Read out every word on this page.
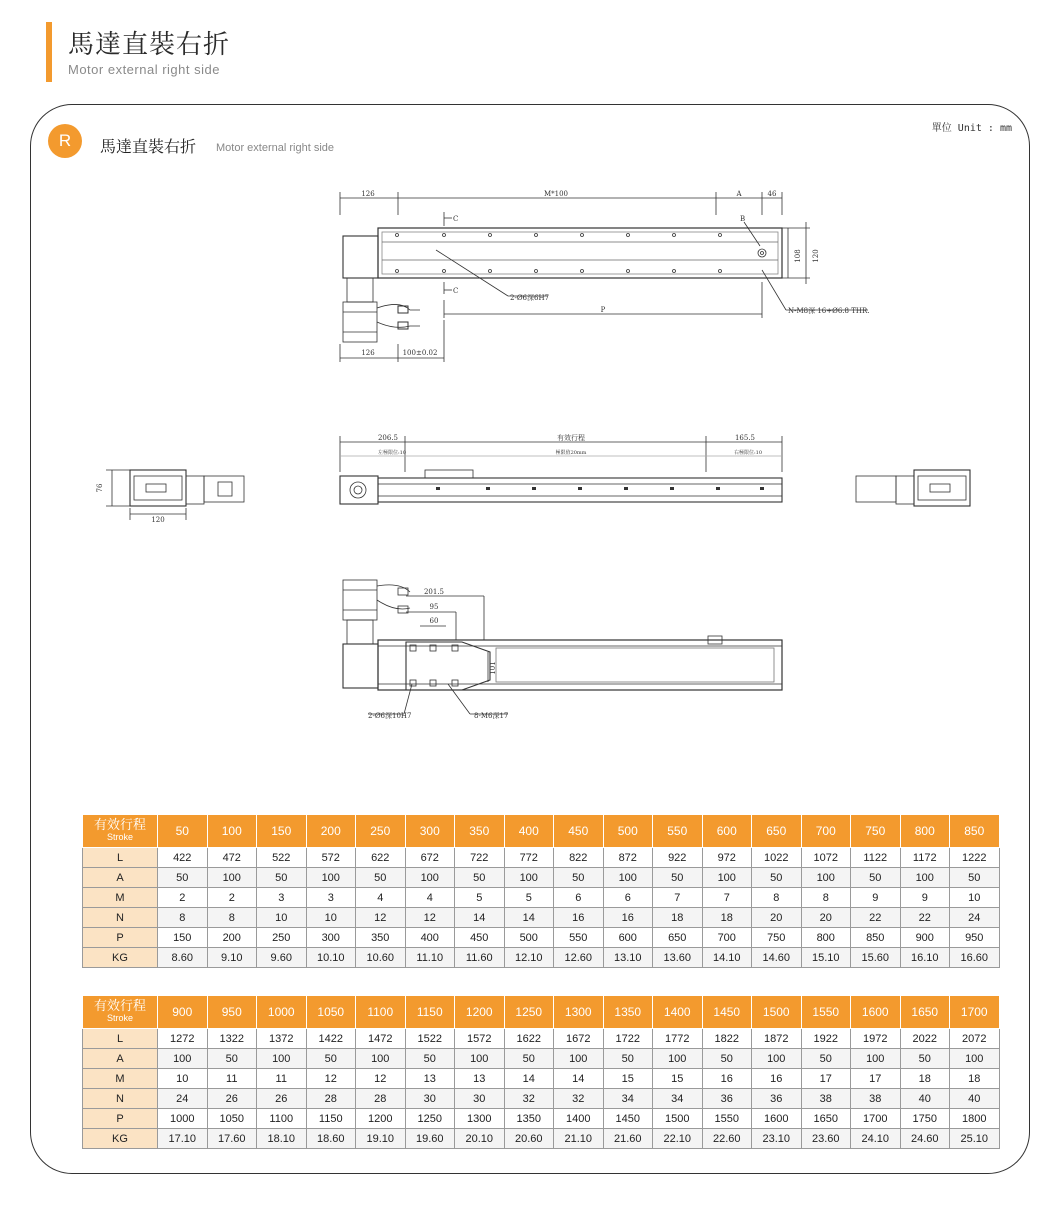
馬達直裝右折
Motor external right side
R	馬達直裝右折 Motor external right side
單位 Unit : mm
126	M*100	A	46
C
C
B
108 120
2-Ø6深6H7
P	N-M8深 16+Ø6.8 THR.
126	100±0.02
206.5
左極限位:10
有效行程
極限值20mm
165.5
右極限位:10
76
120
201.5
95
60
101
2-Ø6深10H7	8-M6深17
有效行程
Stroke	50	100	150	200	250	300	350	400	450	500	550	600	650	700	750	800	850
L	422	472	522	572	622	672	722	772	822	872	922	972	1022	1072	1122	1172	1222
A	50	100	50	100	50	100	50	100	50	100	50	100	50	100	50	100	50
M	2	2	3	3	4	4	5	5	6	6	7	7	8	8	9	9	10
N	8	8	10	10	12	12	14	14	16	16	18	18	20	20	22	22	24
P	150	200	250	300	350	400	450	500	550	600	650	700	750	800	850	900	950
KG	8.60	9.10	9.60	10.10	10.60	11.10	11.60	12.10	12.60	13.10	13.60	14.10	14.60	15.10	15.60	16.10	16.60
有效行程
Stroke	900	950	1000	1050	1100	1150	1200	1250	1300	1350	1400	1450	1500	1550	1600	1650	1700
L	1272	1322	1372	1422	1472	1522	1572	1622	1672	1722	1772	1822	1872	1922	1972	2022	2072
A	100	50	100	50	100	50	100	50	100	50	100	50	100	50	100	50	100
M	10	11	11	12	12	13	13	14	14	15	15	16	16	17	17	18	18
N	24	26	26	28	28	30	30	32	32	34	34	36	36	38	38	40	40
P	1000	1050	1100	1150	1200	1250	1300	1350	1400	1450	1500	1550	1600	1650	1700	1750	1800
KG	17.10	17.60	18.10	18.60	19.10	19.60	20.10	20.60	21.10	21.60	22.10	22.60	23.10	23.60	24.10	24.60	25.10
